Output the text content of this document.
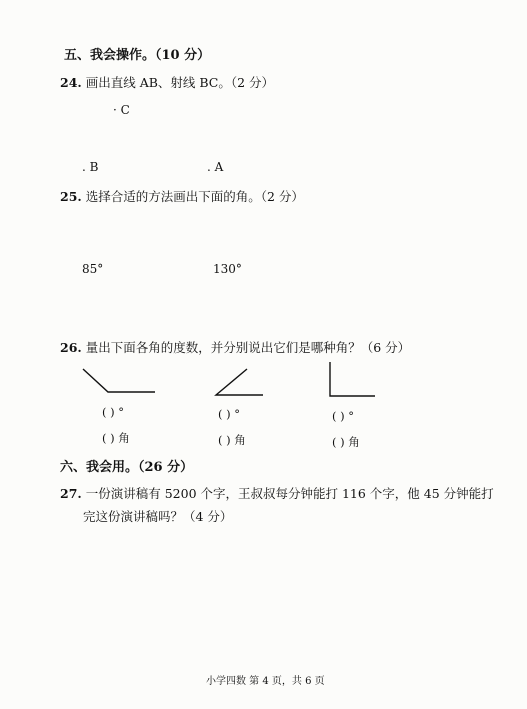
五、我会操作。（10 分）
24. 画出直线 AB、射线 BC。（2 分）
· C
. B	. A
25. 选择合适的方法画出下面的角。（2 分）
85°	130°
26. 量出下面各角的度数，并分别说出它们是哪种角？（6 分）
( ) °	( ) °	( ) °
( ) 角	( ) 角	( ) 角
六、我会用。（26 分）
27. 一份演讲稿有 5200 个字，王叔叔每分钟能打 116 个字，他 45 分钟能打
完这份演讲稿吗？（4 分）
小学四数 第 4 页，共 6 页
